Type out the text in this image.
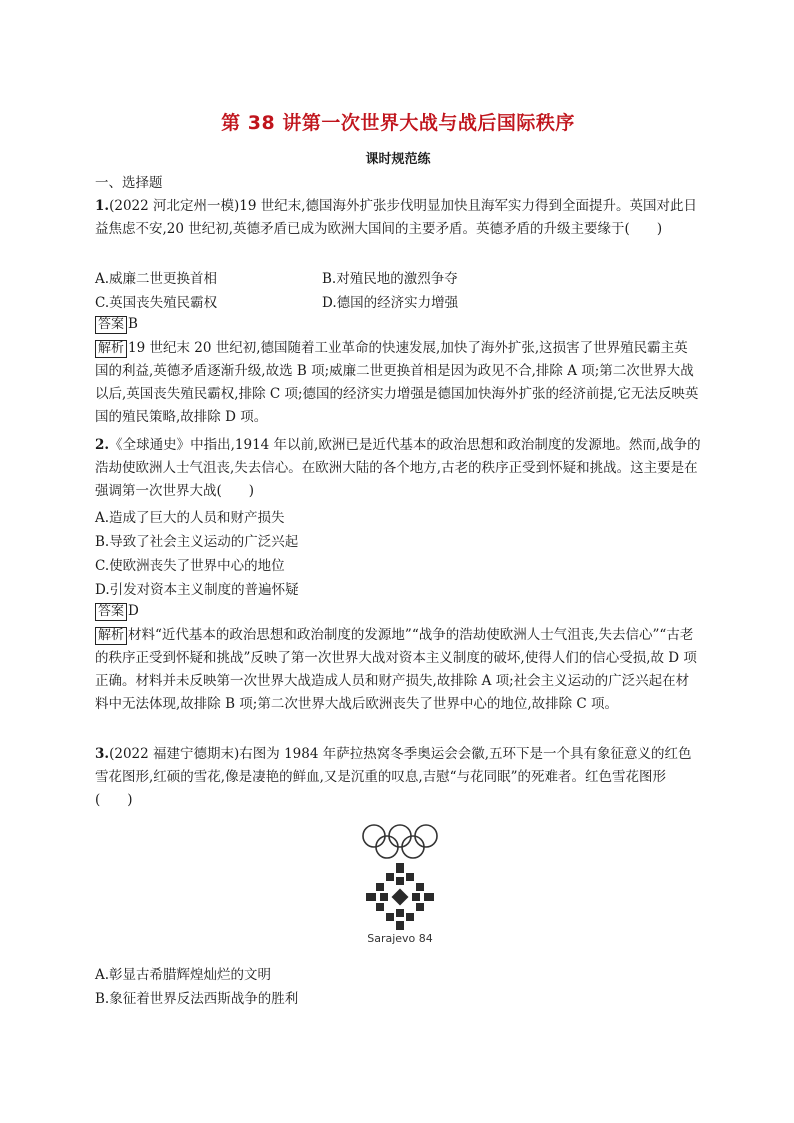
第 38 讲第一次世界大战与战后国际秩序
课时规范练
一、选择题
1.(2022 河北定州一模)19 世纪末,德国海外扩张步伐明显加快且海军实力得到全面提升。英国对此日益焦虑不安,20 世纪初,英德矛盾已成为欧洲大国间的主要矛盾。英德矛盾的升级主要缘于(　　)
A.威廉二世更换首相	B.对殖民地的激烈争夺
C.英国丧失殖民霸权	D.德国的经济实力增强
答案 B
解析 19 世纪末 20 世纪初,德国随着工业革命的快速发展,加快了海外扩张,这损害了世界殖民霸主英国的利益,英德矛盾逐渐升级,故选 B 项;威廉二世更换首相是因为政见不合,排除 A 项;第二次世界大战以后,英国丧失殖民霸权,排除 C 项;德国的经济实力增强是德国加快海外扩张的经济前提,它无法反映英国的殖民策略,故排除 D 项。
2.《全球通史》中指出,1914 年以前,欧洲已是近代基本的政治思想和政治制度的发源地。然而,战争的浩劫使欧洲人士气沮丧,失去信心。在欧洲大陆的各个地方,古老的秩序正受到怀疑和挑战。这主要是在强调第一次世界大战(　　)
A.造成了巨大的人员和财产损失
B.导致了社会主义运动的广泛兴起
C.使欧洲丧失了世界中心的地位
D.引发对资本主义制度的普遍怀疑
答案 D
解析 材料“近代基本的政治思想和政治制度的发源地”“战争的浩劫使欧洲人士气沮丧,失去信心”“古老的秩序正受到怀疑和挑战”反映了第一次世界大战对资本主义制度的破坏,使得人们的信心受损,故 D 项正确。材料并未反映第一次世界大战造成人员和财产损失,故排除 A 项;社会主义运动的广泛兴起在材料中无法体现,故排除 B 项;第二次世界大战后欧洲丧失了世界中心的地位,故排除 C 项。
3.(2022 福建宁德期末)右图为 1984 年萨拉热窝冬季奥运会会徽,五环下是一个具有象征意义的红色雪花图形,红硕的雪花,像是凄艳的鲜血,又是沉重的叹息,吉慰“与花同眠”的死难者。红色雪花图形(　　)
Sarajevo 84
A.彰显古希腊辉煌灿烂的文明
B.象征着世界反法西斯战争的胜利
